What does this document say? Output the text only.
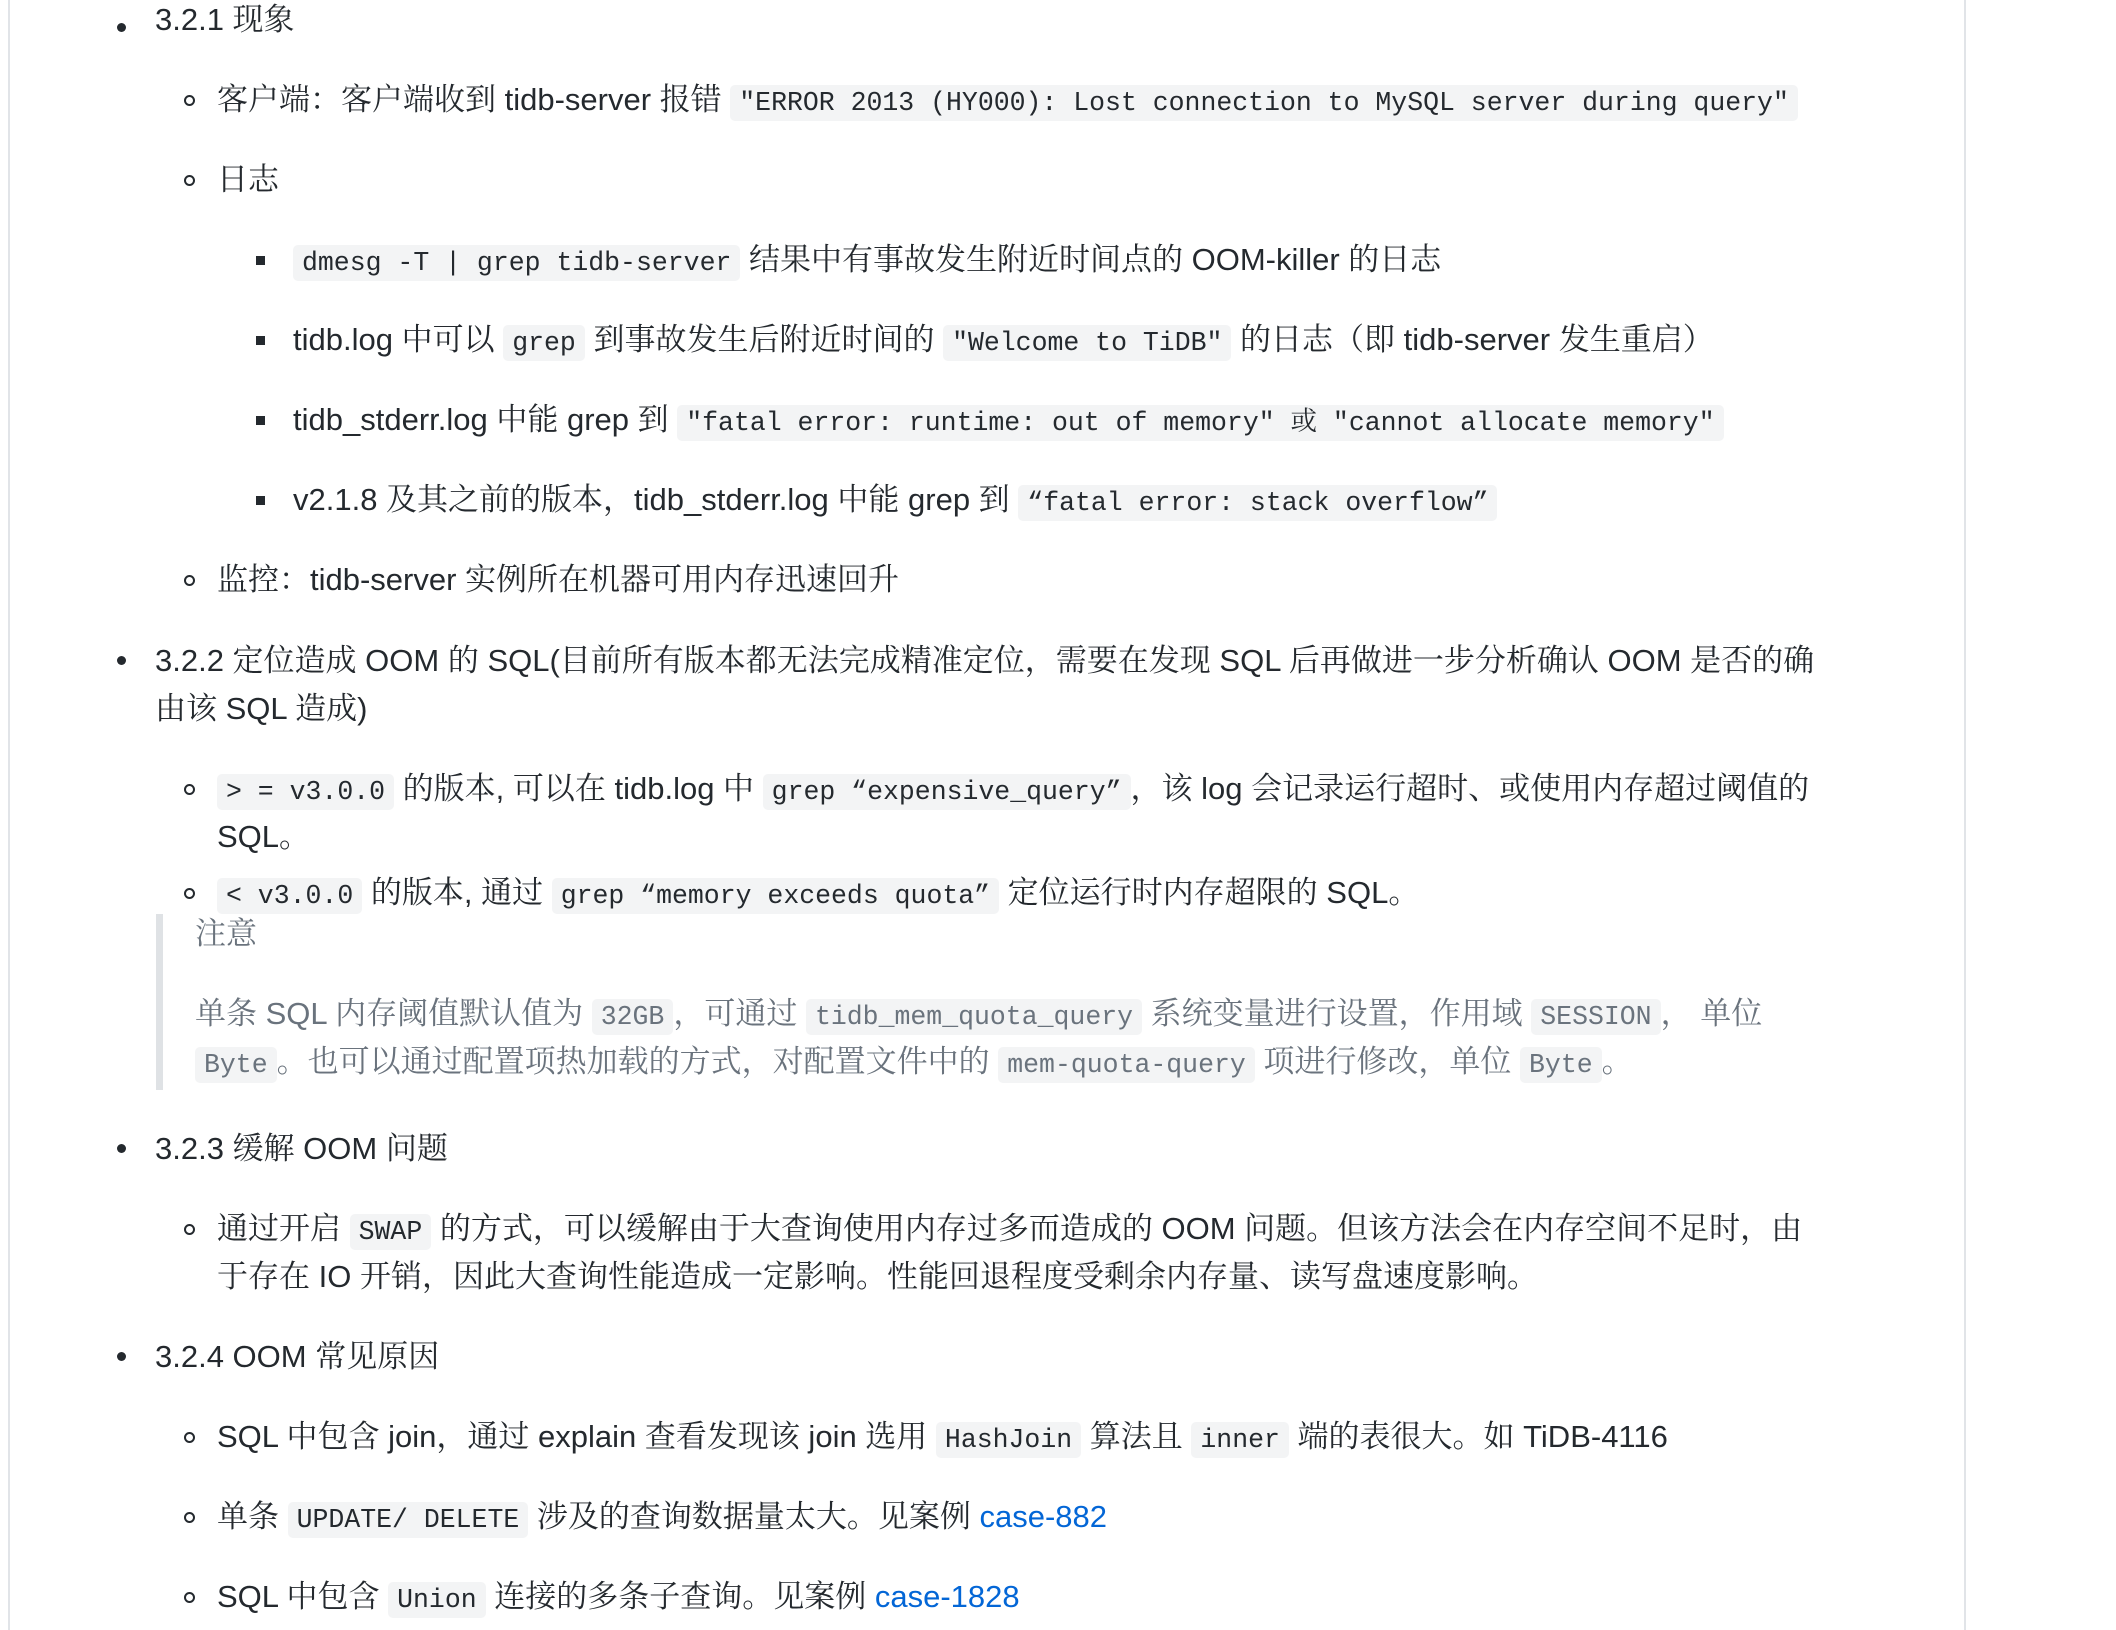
3.2.1 现象
客户端：客户端收到 tidb-server 报错 "ERROR 2013 (HY000): Lost connection to MySQL server during query"
日志
dmesg -T | grep tidb-server 结果中有事故发生附近时间点的 OOM-killer 的日志
tidb.log 中可以 grep 到事故发生后附近时间的 "Welcome to TiDB" 的日志（即 tidb-server 发生重启）
tidb_stderr.log 中能 grep 到 "fatal error: runtime: out of memory" 或 "cannot allocate memory"
v2.1.8 及其之前的版本，tidb_stderr.log 中能 grep 到 “fatal error: stack overflow”
监控：tidb-server 实例所在机器可用内存迅速回升
3.2.2 定位造成 OOM 的 SQL(目前所有版本都无法完成精准定位，需要在发现 SQL 后再做进一步分析确认 OOM 是否的确
由该 SQL 造成)
> = v3.0.0 的版本, 可以在 tidb.log 中 grep “expensive_query” ，该 log 会记录运行超时、或使用内存超过阈值的
SQL。
< v3.0.0 的版本, 通过 grep “memory exceeds quota” 定位运行时内存超限的 SQL。
注意
单条 SQL 内存阈值默认值为 32GB ，可通过 tidb_mem_quota_query 系统变量进行设置，作用域 SESSION ， 单位
Byte 。也可以通过配置项热加载的方式，对配置文件中的 mem-quota-query 项进行修改，单位 Byte 。
3.2.3 缓解 OOM 问题
通过开启 SWAP 的方式，可以缓解由于大查询使用内存过多而造成的 OOM 问题。但该方法会在内存空间不足时，由
于存在 IO 开销，因此大查询性能造成一定影响。性能回退程度受剩余内存量、读写盘速度影响。
3.2.4 OOM 常见原因
SQL 中包含 join，通过 explain 查看发现该 join 选用 HashJoin 算法且 inner 端的表很大。如 TiDB-4116
单条 UPDATE/ DELETE 涉及的查询数据量太大。见案例 case-882
SQL 中包含 Union 连接的多条子查询。见案例 case-1828
